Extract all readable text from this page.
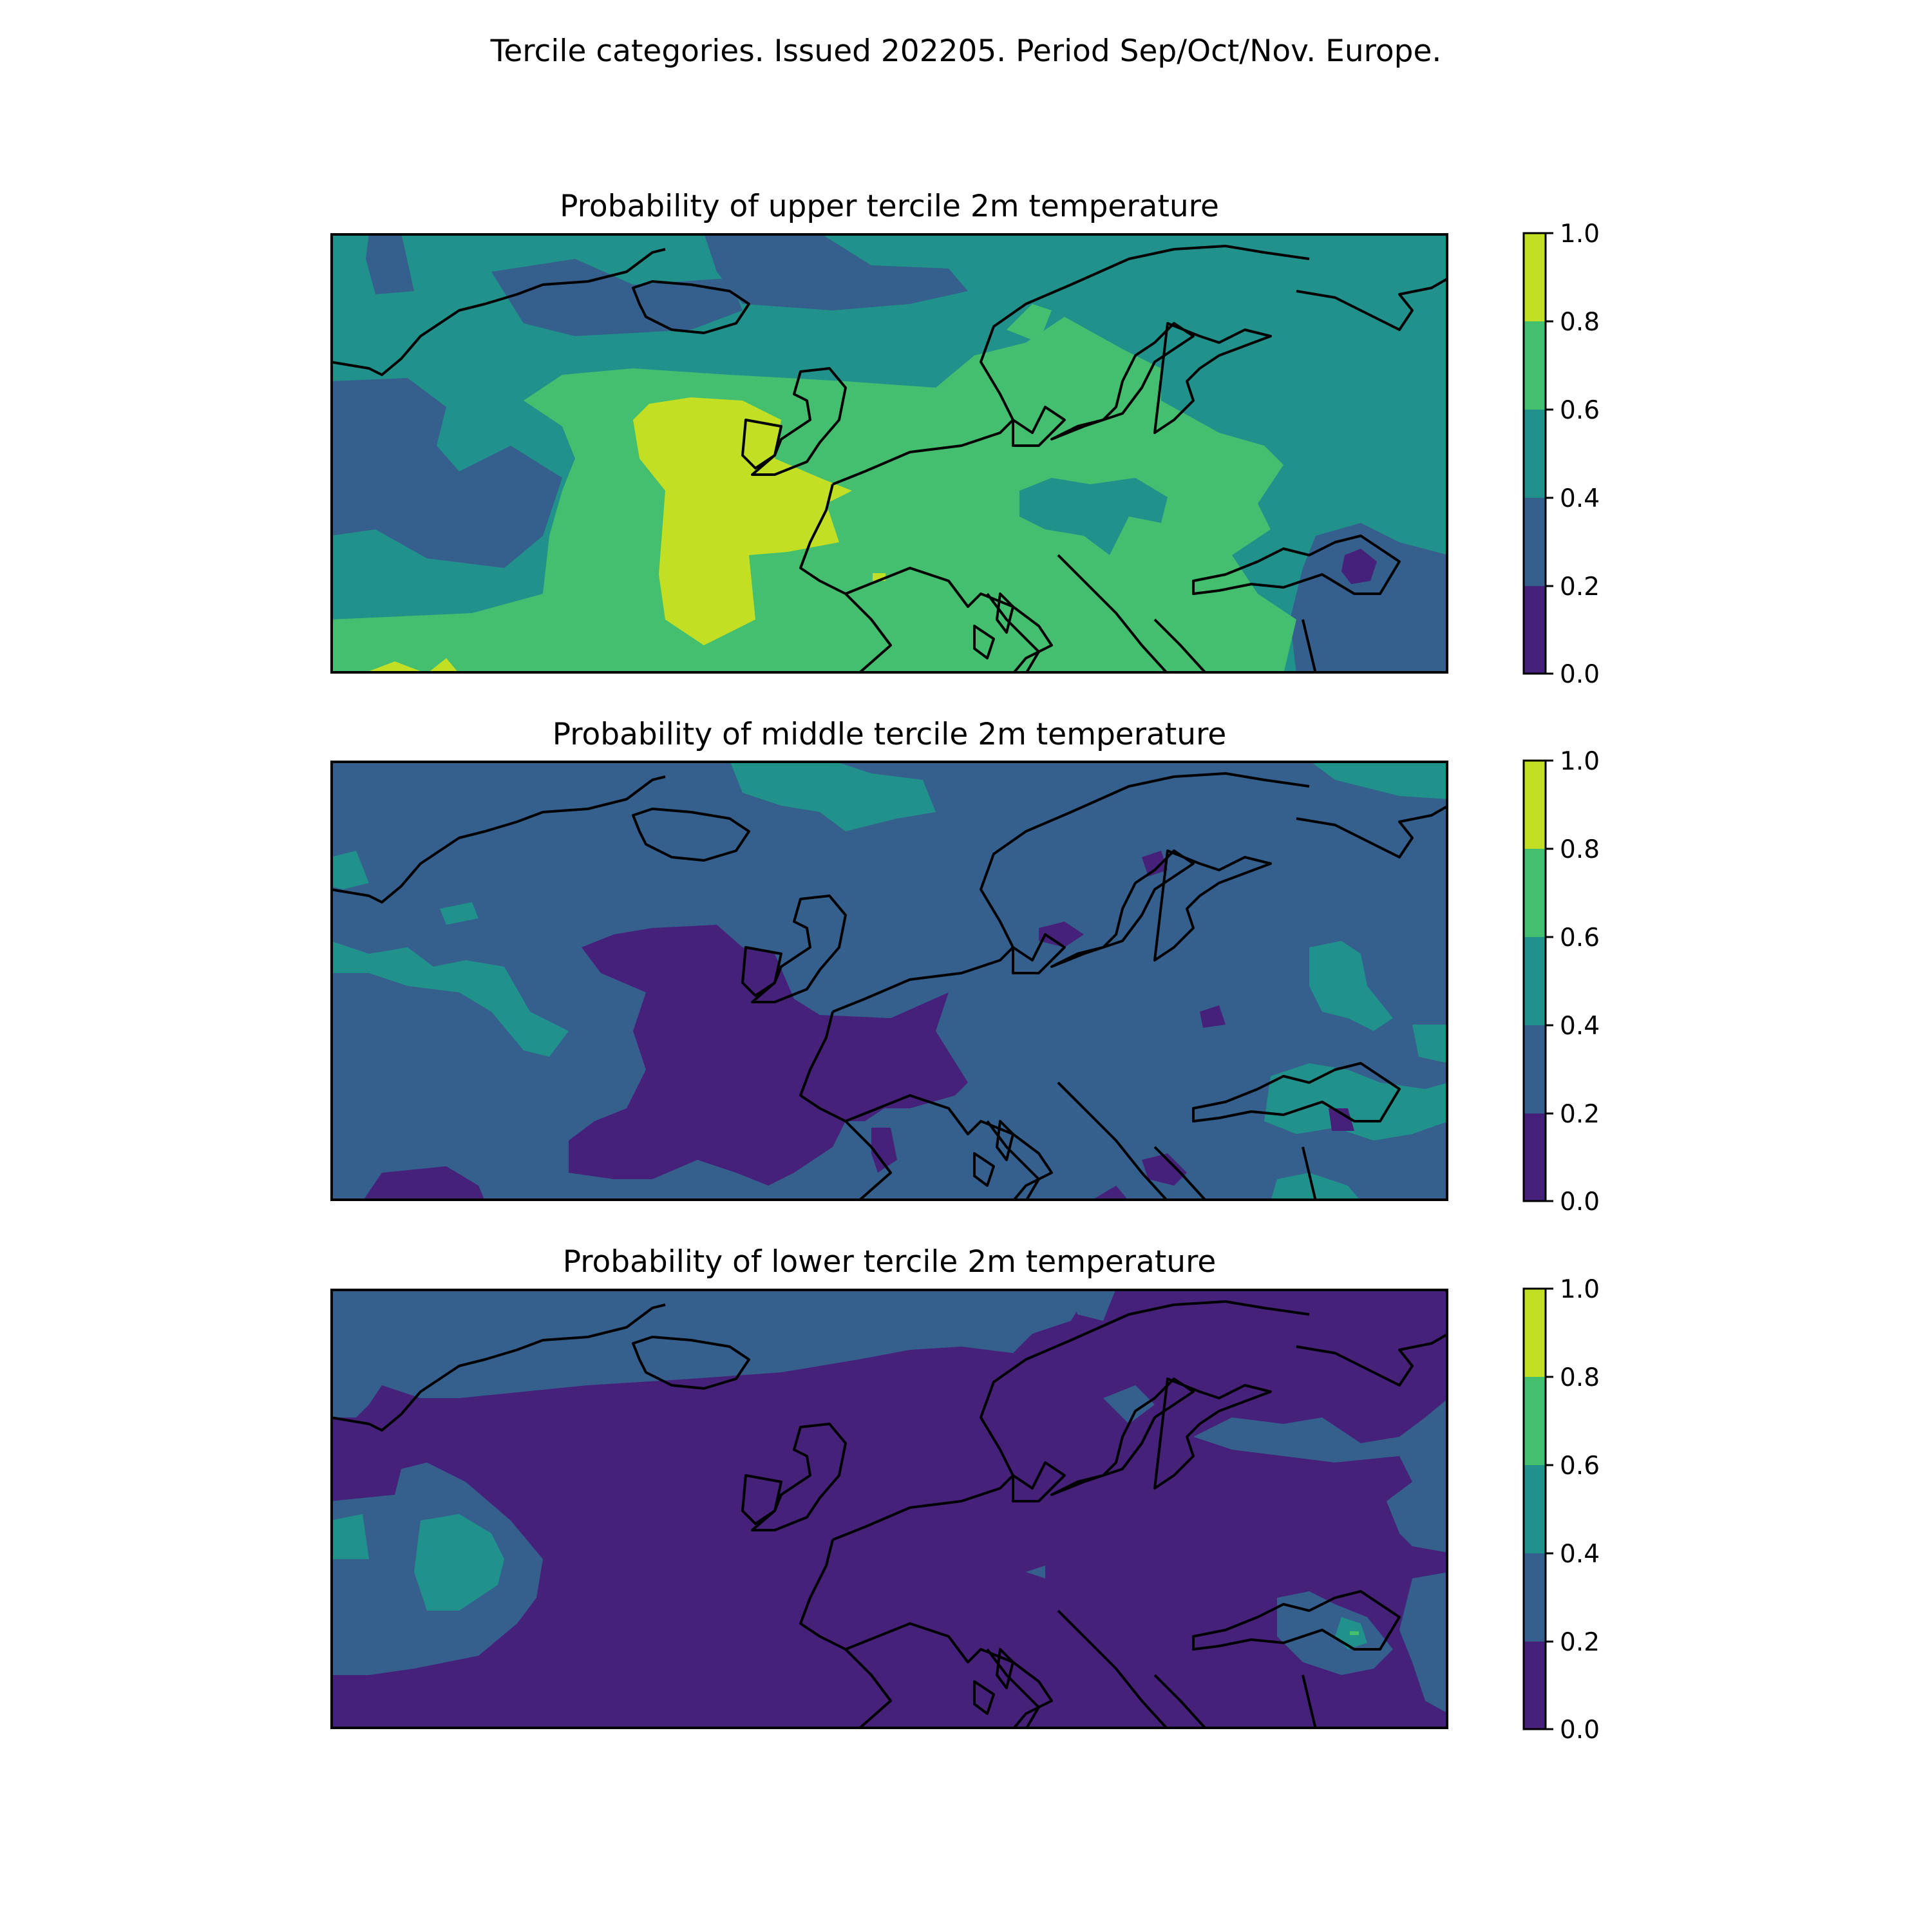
Tercile categories. Issued 202205. Period Sep/Oct/Nov. Europe.
Probability of upper tercile 2m temperature
1.0
0.8
0.6
0.4
0.2
0.0
Probability of middle tercile 2m temperature
1.0
0.8
0.6
0.4
0.2
0.0
Probability of lower tercile 2m temperature
1.0
0.8
0.6
0.4
0.2
0.0
